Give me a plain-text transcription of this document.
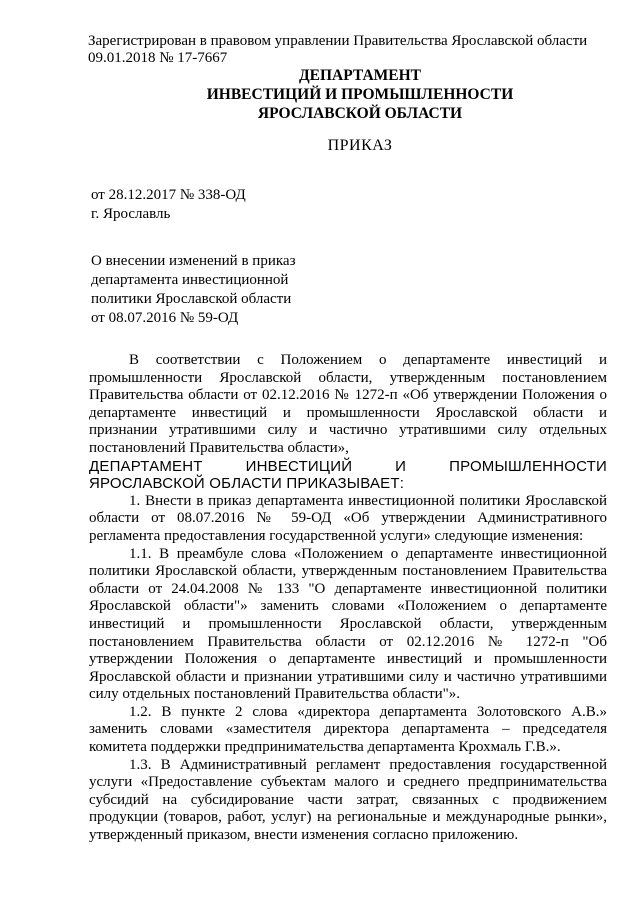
Зарегистрирован в правовом управлении Правительства Ярославской области
09.01.2018 № 17-7667
ДЕПАРТАМЕНТ
ИНВЕСТИЦИЙ И ПРОМЫШЛЕННОСТИ
ЯРОСЛАВСКОЙ ОБЛАСТИ
ПРИКАЗ
от 28.12.2017 № 338-ОД
г. Ярославль
О внесении изменений в приказ
департамента инвестиционной
политики Ярославской области
от 08.07.2016 № 59-ОД

В соответствии с Положением о департаменте инвестиций и промышленности Ярославской области, утвержденным постановлением Правительства области от 02.12.2016 № 1272-п «Об утверждении Положения о департаменте инвестиций и промышленности Ярославской области и признании утратившими силу и частично утратившими силу отдельных постановлений Правительства области»,

ДЕПАРТАМЕНТ ИНВЕСТИЦИЙ И ПРОМЫШЛЕННОСТИ ЯРОСЛАВСКОЙ ОБЛАСТИ ПРИКАЗЫВАЕТ:

1. Внести в приказ департамента инвестиционной политики Ярославской области от 08.07.2016 № 59-ОД «Об утверждении Административного регламента предоставления государственной услуги» следующие изменения:

1.1. В преамбуле слова «Положением о департаменте инвестиционной политики Ярославской области, утвержденным постановлением Правительства области от 24.04.2008 № 133 "О департаменте инвестиционной политики Ярославской области"» заменить словами «Положением о департаменте инвестиций и промышленности Ярославской области, утвержденным постановлением Правительства области от 02.12.2016 № 1272-п "Об утверждении Положения о департаменте инвестиций и промышленности Ярославской области и признании утратившими силу и частично утратившими силу отдельных постановлений Правительства области"».

1.2. В пункте 2 слова «директора департамента Золотовского А.В.» заменить словами «заместителя директора департамента – председателя комитета поддержки предпринимательства департамента Крохмаль Г.В.».

1.3. В Административный регламент предоставления государственной услуги «Предоставление субъектам малого и среднего предпринимательства субсидий на субсидирование части затрат, связанных с продвижением продукции (товаров, работ, услуг) на региональные и международные рынки», утвержденный приказом, внести изменения согласно приложению.
